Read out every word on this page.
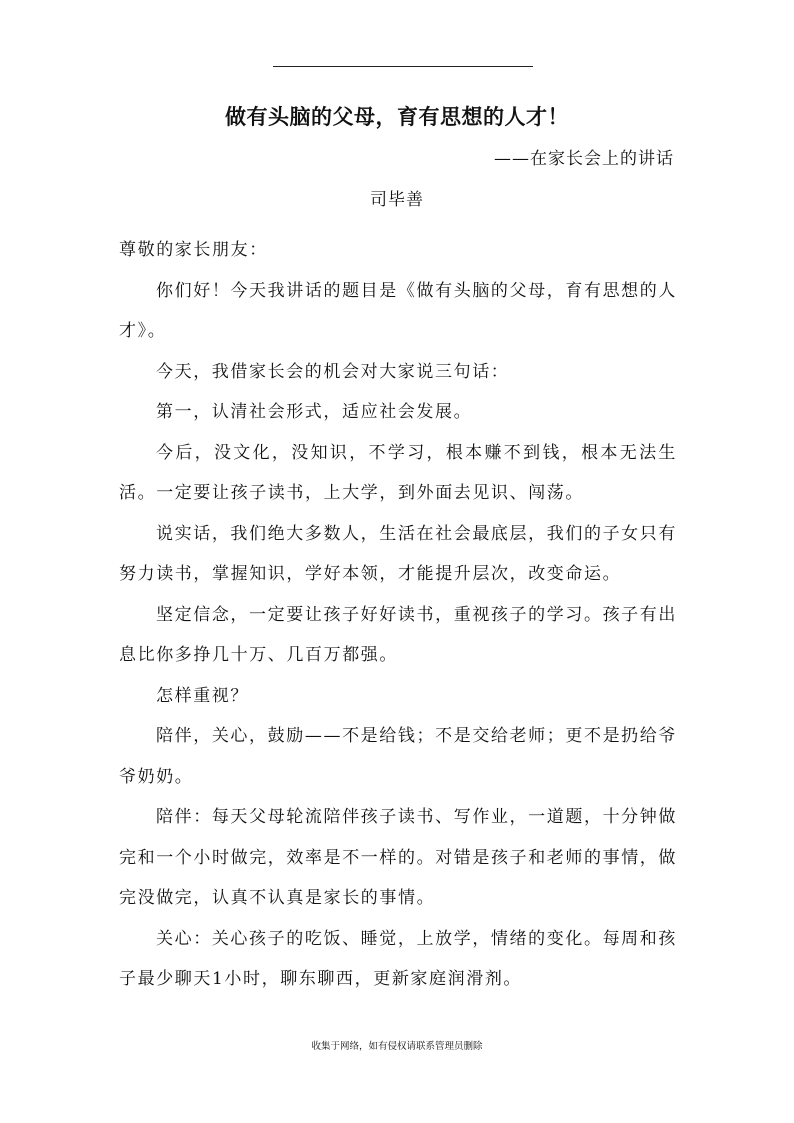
做有头脑的父母，育有思想的人才！
——在家长会上的讲话
司毕善

尊敬的家长朋友：

你们好！今天我讲话的题目是《做有头脑的父母，育有思想的人才》。

今天，我借家长会的机会对大家说三句话：

第一，认清社会形式，适应社会发展。

今后，没文化，没知识，不学习，根本赚不到钱，根本无法生活。一定要让孩子读书，上大学，到外面去见识、闯荡。

说实话，我们绝大多数人，生活在社会最底层，我们的子女只有努力读书，掌握知识，学好本领，才能提升层次，改变命运。

坚定信念，一定要让孩子好好读书，重视孩子的学习。孩子有出息比你多挣几十万、几百万都强。

怎样重视？

陪伴，关心，鼓励——不是给钱；不是交给老师；更不是扔给爷爷奶奶。

陪伴：每天父母轮流陪伴孩子读书、写作业，一道题，十分钟做完和一个小时做完，效率是不一样的。对错是孩子和老师的事情，做完没做完，认真不认真是家长的事情。

关心：关心孩子的吃饭、睡觉，上放学，情绪的变化。每周和孩子最少聊天1小时，聊东聊西，更新家庭润滑剂。

收集于网络，如有侵权请联系管理员删除
